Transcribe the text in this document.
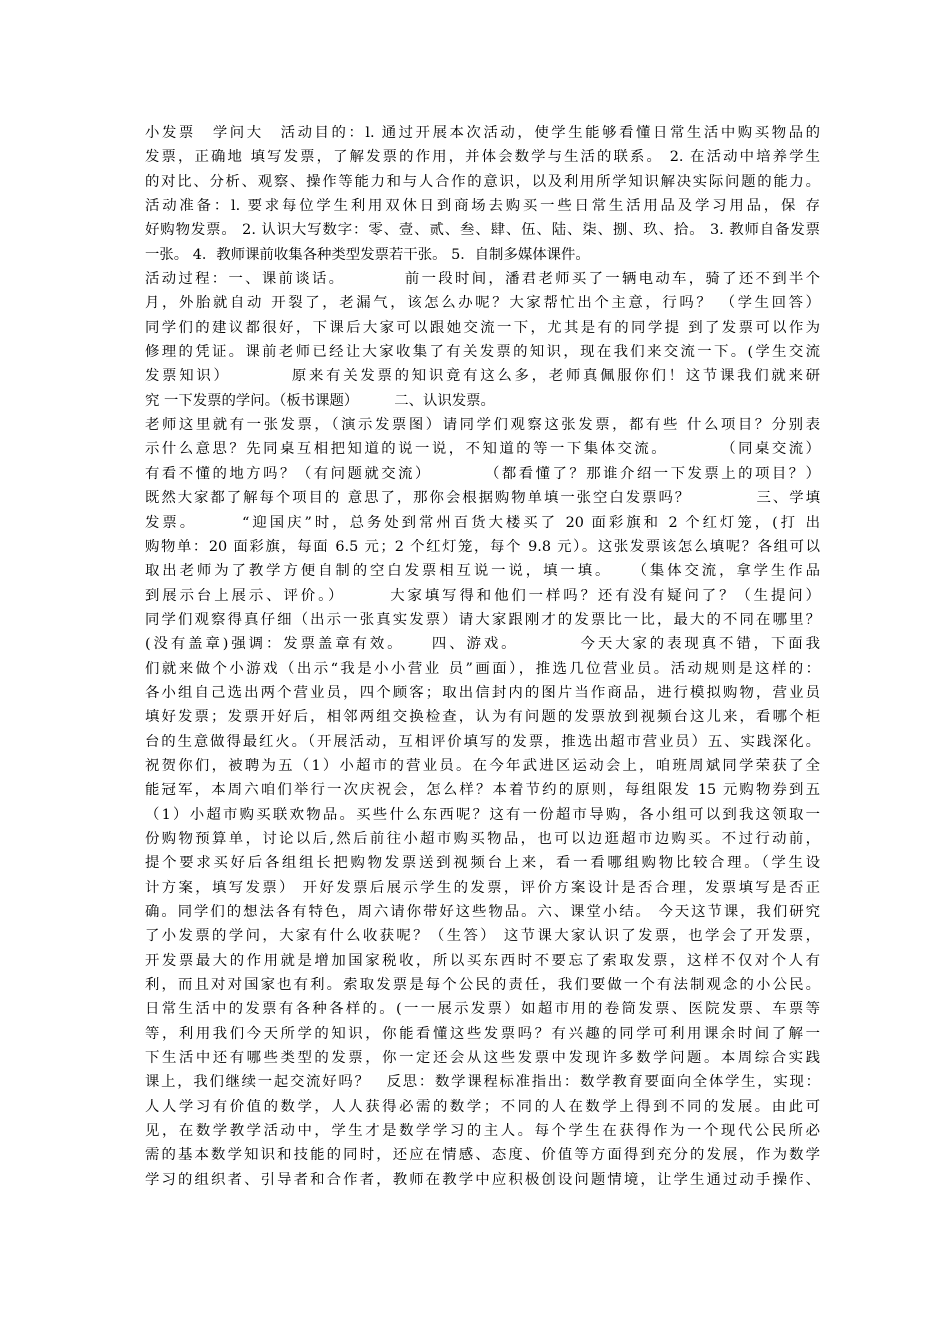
小发票　学问大　活动目的：l. 通过开展本次活动，使学生能够看懂日常生活中购买物品的
发票，正确地 填写发票，了解发票的作用，并体会数学与生活的联系。 2. 在活动中培养学生
的对比、分析、观察、操作等能力和与人合作的意识，以及利用所学知识解决实际问题的能力。
活动准备：l. 要求每位学生利用双休日到商场去购买一些日常生活用品及学习用品，保 存
好购物发票。 2. 认识大写数字：零、壹、贰、叁、肆、伍、陆、柒、捌、玖、拾。 3. 教师自备发票
一张。 4．教师课前收集各种类型发票若干张。 5．自制多媒体课件。
活动过程：一、课前谈话。　　　　前一段时间，潘君老师买了一辆电动车，骑了还不到半个
月，外胎就自动 开裂了，老漏气，该怎么办呢？大家帮忙出个主意，行吗？ （学生回答）
同学们的建议都很好，下课后大家可以跟她交流一下，尤其是有的同学提 到了发票可以作为
修理的凭证。课前老师已经让大家收集了有关发票的知识，现在我们来交流一下。(学生交流
发票知识）　　　　原来有关发票的知识竟有这么多，老师真佩服你们！这节课我们就来研
究 一下发票的学问。（板书课题）　　　二、认识发票。
老师这里就有一张发票，（演示发票图）请同学们观察这张发票，都有些 什么项目？分别表
示什么意思？先同桌互相把知道的说一说，不知道的等一下集体交流。　　　　（同桌交流）
有看不懂的地方吗？（有问题就交流）　　　　（都看懂了？那谁介绍一下发票上的项目？）
既然大家都了解每个项目的 意思了，那你会根据购物单填一张空白发票吗？　　　　三、学填
发票。　　　“迎国庆”时，总务处到常州百货大楼买了 20 面彩旗和 2 个红灯笼，(打 出
购物单：20 面彩旗，每面 6.5 元；2 个红灯笼，每个 9.8 元）。这张发票该怎么填呢？各组可以
取出老师为了教学方便自制的空白发票相互说一说，填一填。　　（集体交流，拿学生作品
到展示台上展示、评价。）　　　大家填写得和他们一样吗？还有没有疑问了？（生提问）
同学们观察得真仔细（出示一张真实发票）请大家跟刚才的发票比一比，最大的不同在哪里？
(没有盖章)强调：发票盖章有效。　　四、游戏。　　　　今天大家的表现真不错，下面我
们就来做个小游戏（出示“我是小小营业 员”画面），推选几位营业员。活动规则是这样的：
各小组自己选出两个营业员，四个顾客；取出信封内的图片当作商品，进行模拟购物，营业员
填好发票；发票开好后，相邻两组交换检查，认为有问题的发票放到视频台这儿来，看哪个柜
台的生意做得最红火。（开展活动，互相评价填写的发票，推选出超市营业员）五、实践深化。
祝贺你们，被聘为五（1）小超市的营业员。在今年武进区运动会上，咱班周斌同学荣获了全
能冠军，本周六咱们举行一次庆祝会，怎么样？本着节约的原则，每组限发 15 元购物券到五
（1）小超市购买联欢物品。买些什么东西呢？这有一份超市导购，各小组可以到我这领取一
份购物预算单，讨论以后,然后前往小超市购买物品，也可以边逛超市边购买。不过行动前，
提个要求买好后各组组长把购物发票送到视频台上来，看一看哪组购物比较合理。（学生设
计方案，填写发票） 开好发票后展示学生的发票，评价方案设计是否合理，发票填写是否正
确。同学们的想法各有特色，周六请你带好这些物品。六、课堂小结。 今天这节课，我们研究
了小发票的学问，大家有什么收获呢？（生答） 这节课大家认识了发票，也学会了开发票，
开发票最大的作用就是增加国家税收，所以买东西时不要忘了索取发票，这样不仅对个人有
利，而且对对国家也有利。索取发票是每个公民的责任，我们要做一个有法制观念的小公民。
日常生活中的发票有各种各样的。(一一展示发票）如超市用的卷筒发票、医院发票、车票等
等，利用我们今天所学的知识，你能看懂这些发票吗？有兴趣的同学可利用课余时间了解一
下生活中还有哪些类型的发票，你一定还会从这些发票中发现许多数学问题。本周综合实践
课上，我们继续一起交流好吗？　反思：数学课程标准指出：数学教育要面向全体学生，实现：
人人学习有价值的数学，人人获得必需的数学；不同的人在数学上得到不同的发展。由此可
见，在数学教学活动中，学生才是数学学习的主人。每个学生在获得作为一个现代公民所必
需的基本数学知识和技能的同时，还应在情感、态度、价值等方面得到充分的发展，作为数学
学习的组织者、引导者和合作者，教师在教学中应积极创设问题情境，让学生通过动手操作、
